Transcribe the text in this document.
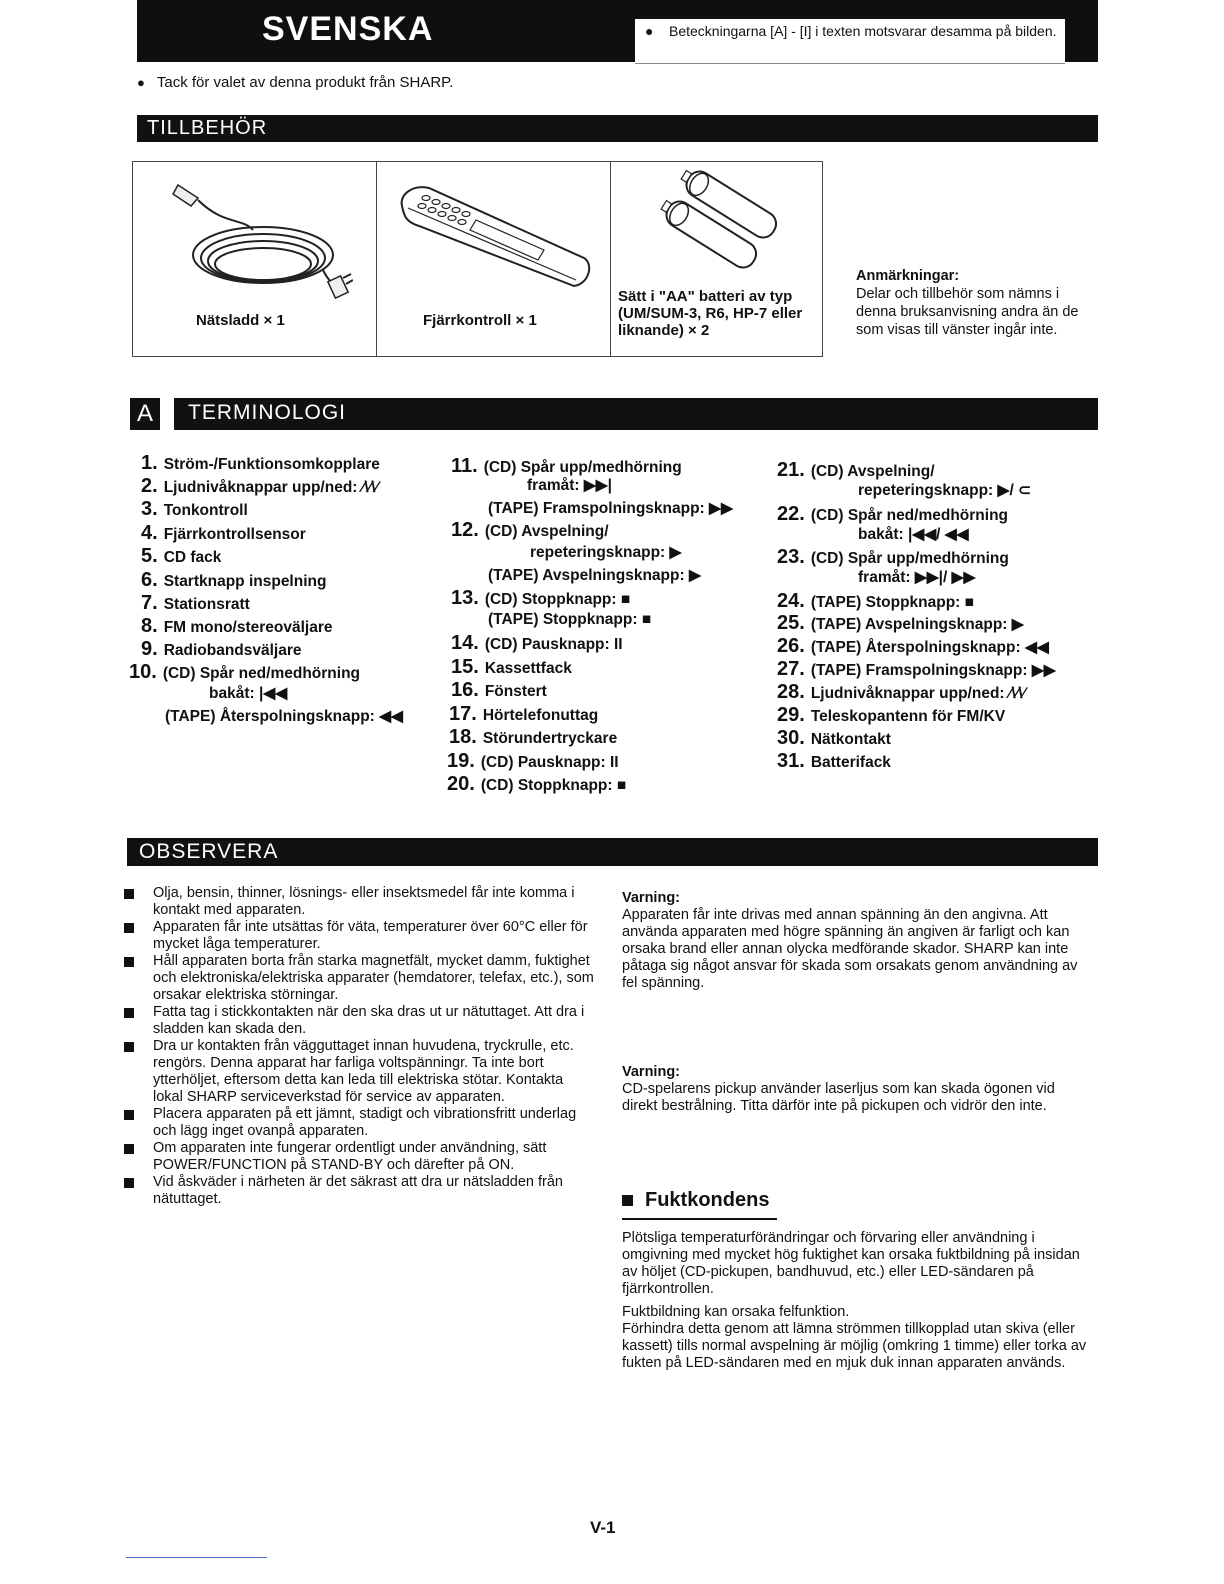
SVENSKA	● Beteckningarna [A] - [I] i texten motsvarar desamma på bilden.
● Tack för valet av denna produkt från SHARP.
TILLBEHÖR
Nätsladd × 1	Fjärrkontroll × 1
Sätt i "AA" batteri av typ (UM/SUM-3, R6, HP-7 eller liknande) × 2
Anmärkningar:
Delar och tillbehör som nämns i denna bruksanvisning andra än de som visas till vänster ingår inte.
A	TERMINOLOGI
1. Ström-/Funktionsomkopplare
2. Ljudnivåknappar upp/ned: ⁄\⁄\∕
3. Tonkontroll
4. Fjärrkontrollsensor
5. CD fack
6. Startknapp inspelning
7. Stationsratt
8. FM mono/stereoväljare
9. Radiobandsväljare
10. (CD) Spår ned/medhörning
bakåt: |◀◀
(TAPE) Återspolningsknapp: ◀◀
11. (CD) Spår upp/medhörning
framåt: ▶▶|
(TAPE) Framspolningsknapp: ▶▶
12. (CD) Avspelning/
repeteringsknapp: ▶
(TAPE) Avspelningsknapp: ▶
13. (CD) Stoppknapp: ■
(TAPE) Stoppknapp: ■
14. (CD) Pausknapp: II
15. Kassettfack
16. Fönstert
17. Hörtelefonuttag
18. Störundertryckare
19. (CD) Pausknapp: II
20. (CD) Stoppknapp: ■
21. (CD) Avspelning/
repeteringsknapp: ▶/ ⊂
22. (CD) Spår ned/medhörning
bakåt: |◀◀/ ◀◀
23. (CD) Spår upp/medhörning
framåt: ▶▶|/ ▶▶
24. (TAPE) Stoppknapp: ■
25. (TAPE) Avspelningsknapp: ▶
26. (TAPE) Återspolningsknapp: ◀◀
27. (TAPE) Framspolningsknapp: ▶▶
28. Ljudnivåknappar upp/ned: ⁄\⁄\∕
29. Teleskopantenn för FM/KV
30. Nätkontakt
31. Batterifack
OBSERVERA
Olja, bensin, thinner, lösnings- eller insektsmedel får inte komma i kontakt med apparaten.
Apparaten får inte utsättas för väta, temperaturer över 60°C eller för mycket låga temperaturer.
Håll apparaten borta från starka magnetfält, mycket damm, fuktighet och elektroniska/elektriska apparater (hemdatorer, telefax, etc.), som orsakar elektriska störningar.
Fatta tag i stickkontakten när den ska dras ut ur nätuttaget. Att dra i sladden kan skada den.
Dra ur kontakten från vägguttaget innan huvudena, tryckrulle, etc. rengörs. Denna apparat har farliga voltspänningr. Ta inte bort ytterhöljet, eftersom detta kan leda till elektriska stötar. Kontakta lokal SHARP serviceverkstad för service av apparaten.
Placera apparaten på ett jämnt, stadigt och vibrationsfritt underlag och lägg inget ovanpå apparaten.
Om apparaten inte fungerar ordentligt under användning, sätt POWER/FUNCTION på STAND-BY och därefter på ON.
Vid åskväder i närheten är det säkrast att dra ur nätsladden från nätuttaget.
Varning:
Apparaten får inte drivas med annan spänning än den angivna. Att använda apparaten med högre spänning än angiven är farligt och kan orsaka brand eller annan olycka medförande skador. SHARP kan inte påtaga sig något ansvar för skada som orsakats genom användning av fel spänning.
Varning:
CD-spelarens pickup använder laserljus som kan skada ögonen vid direkt bestrålning. Titta därför inte på pickupen och vidrör den inte.
Fuktkondens
Plötsliga temperaturförändringar och förvaring eller användning i omgivning med mycket hög fuktighet kan orsaka fuktbildning på insidan av höljet (CD-pickupen, bandhuvud, etc.) eller LED-sändaren på fjärrkontrollen.
Fuktbildning kan orsaka felfunktion.
Förhindra detta genom att lämna strömmen tillkopplad utan skiva (eller kassett) tills normal avspelning är möjlig (omkring 1 timme) eller torka av fukten på LED-sändaren med en mjuk duk innan apparaten används.
V-1
